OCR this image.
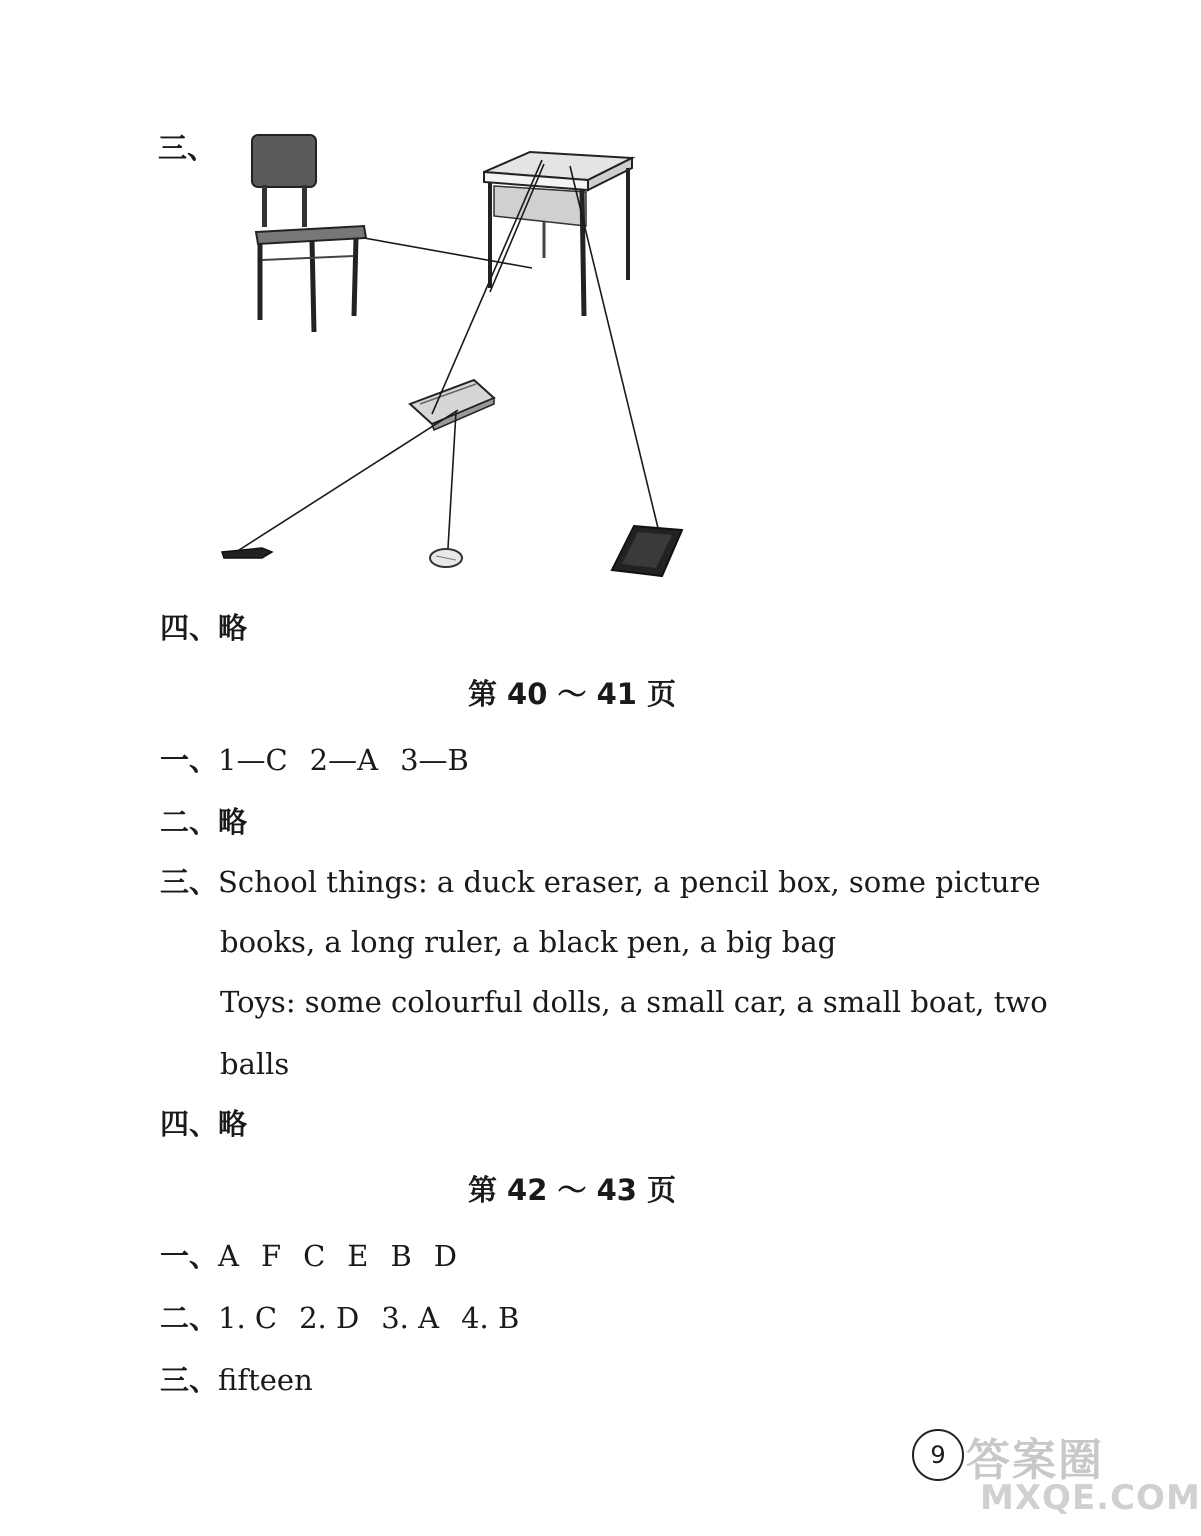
三、
四、略
第 40 ～ 41 页
一、1—C 2—A 3—B
二、略
三、School things: a duck eraser, a pencil box, some picture
books, a long ruler, a black pen, a big bag
Toys: some colourful dolls, a small car, a small boat, two
balls
四、略
第 42 ～ 43 页
一、A F C E B D
二、1. C 2. D 3. A 4. B
三、fifteen
9 答案圈
MXQE.COM
